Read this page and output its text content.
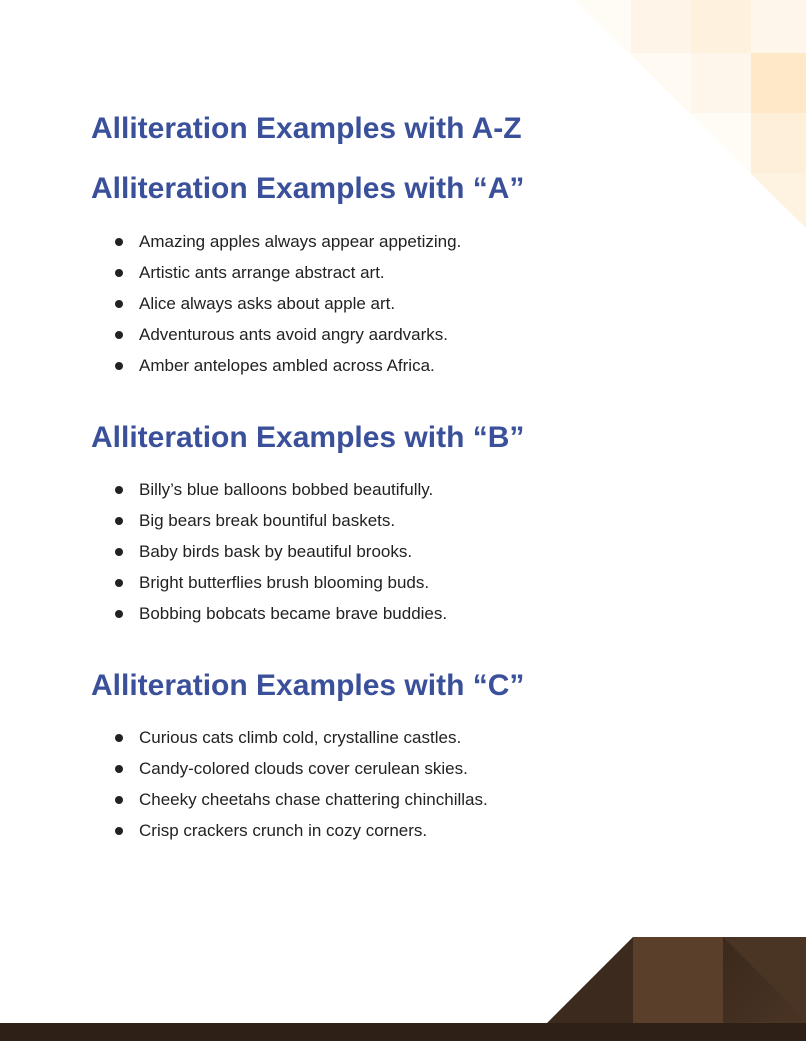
Alliteration Examples with A-Z
Alliteration Examples with “A”
Amazing apples always appear appetizing.
Artistic ants arrange abstract art.
Alice always asks about apple art.
Adventurous ants avoid angry aardvarks.
Amber antelopes ambled across Africa.
Alliteration Examples with “B”
Billy’s blue balloons bobbed beautifully.
Big bears break bountiful baskets.
Baby birds bask by beautiful brooks.
Bright butterflies brush blooming buds.
Bobbing bobcats became brave buddies.
Alliteration Examples with “C”
Curious cats climb cold, crystalline castles.
Candy-colored clouds cover cerulean skies.
Cheeky cheetahs chase chattering chinchillas.
Crisp crackers crunch in cozy corners.
